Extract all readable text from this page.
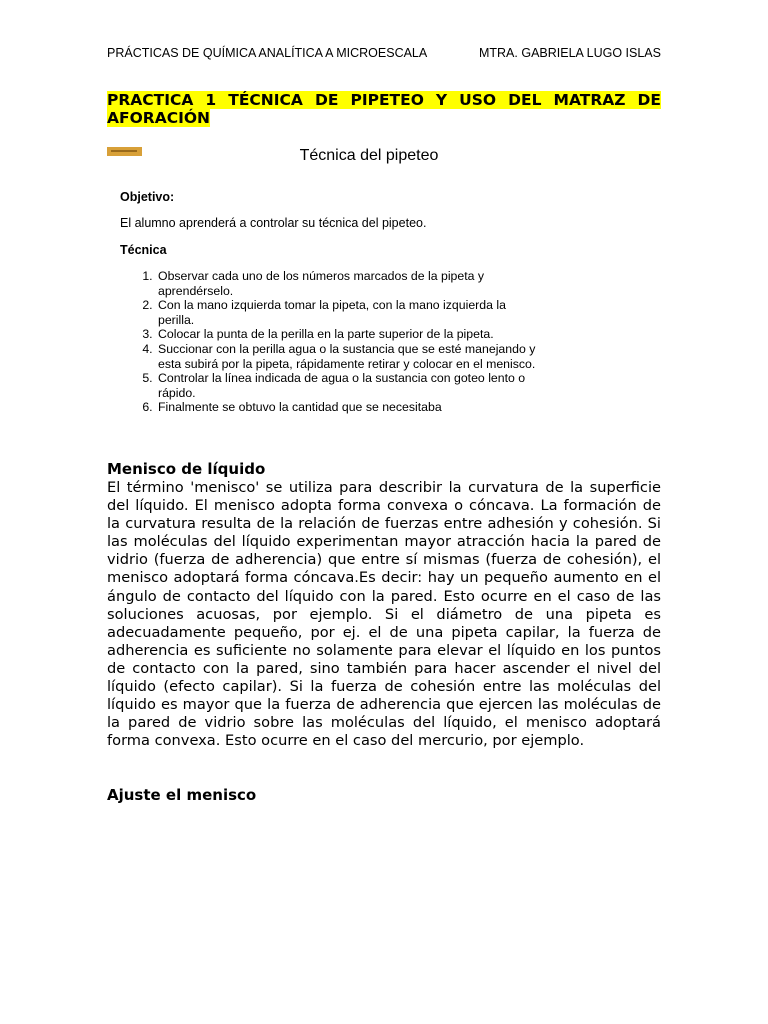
PRÁCTICAS DE QUÍMICA ANALÍTICA A MICROESCALA	MTRA. GABRIELA LUGO ISLAS
PRACTICA 1 TÉCNICA DE PIPETEO Y USO DEL MATRAZ DE AFORACIÓN
Técnica del pipeteo
Objetivo:
El alumno aprenderá a controlar su técnica del pipeteo.
Técnica
1. Observar cada uno de los números marcados de la pipeta y aprendérselo.
2. Con la mano izquierda tomar la pipeta, con la mano izquierda la perilla.
3. Colocar la punta de la perilla en la parte superior de la pipeta.
4. Succionar con la perilla agua o la sustancia que se esté manejando y esta subirá por la pipeta, rápidamente retirar y colocar en el menisco.
5. Controlar la línea indicada de agua o la sustancia con goteo lento o rápido.
6. Finalmente se obtuvo la cantidad que se necesitaba
Menisco de líquido
El término 'menisco' se utiliza para describir la curvatura de la superficie del líquido. El menisco adopta forma convexa o cóncava. La formación de la curvatura resulta de la relación de fuerzas entre adhesión y cohesión. Si las moléculas del líquido experimentan mayor atracción hacia la pared de vidrio (fuerza de adherencia) que entre sí mismas (fuerza de cohesión), el menisco adoptará forma cóncava.Es decir: hay un pequeño aumento en el ángulo de contacto del líquido con la pared. Esto ocurre en el caso de las soluciones acuosas, por ejemplo. Si el diámetro de una pipeta es adecuadamente pequeño, por ej. el de una pipeta capilar, la fuerza de adherencia es suficiente no solamente para elevar el líquido en los puntos de contacto con la pared, sino también para hacer ascender el nivel del líquido (efecto capilar). Si la fuerza de cohesión entre las moléculas del líquido es mayor que la fuerza de adherencia que ejercen las moléculas de la pared de vidrio sobre las moléculas del líquido, el menisco adoptará forma convexa. Esto ocurre en el caso del mercurio, por ejemplo.
Ajuste el menisco
